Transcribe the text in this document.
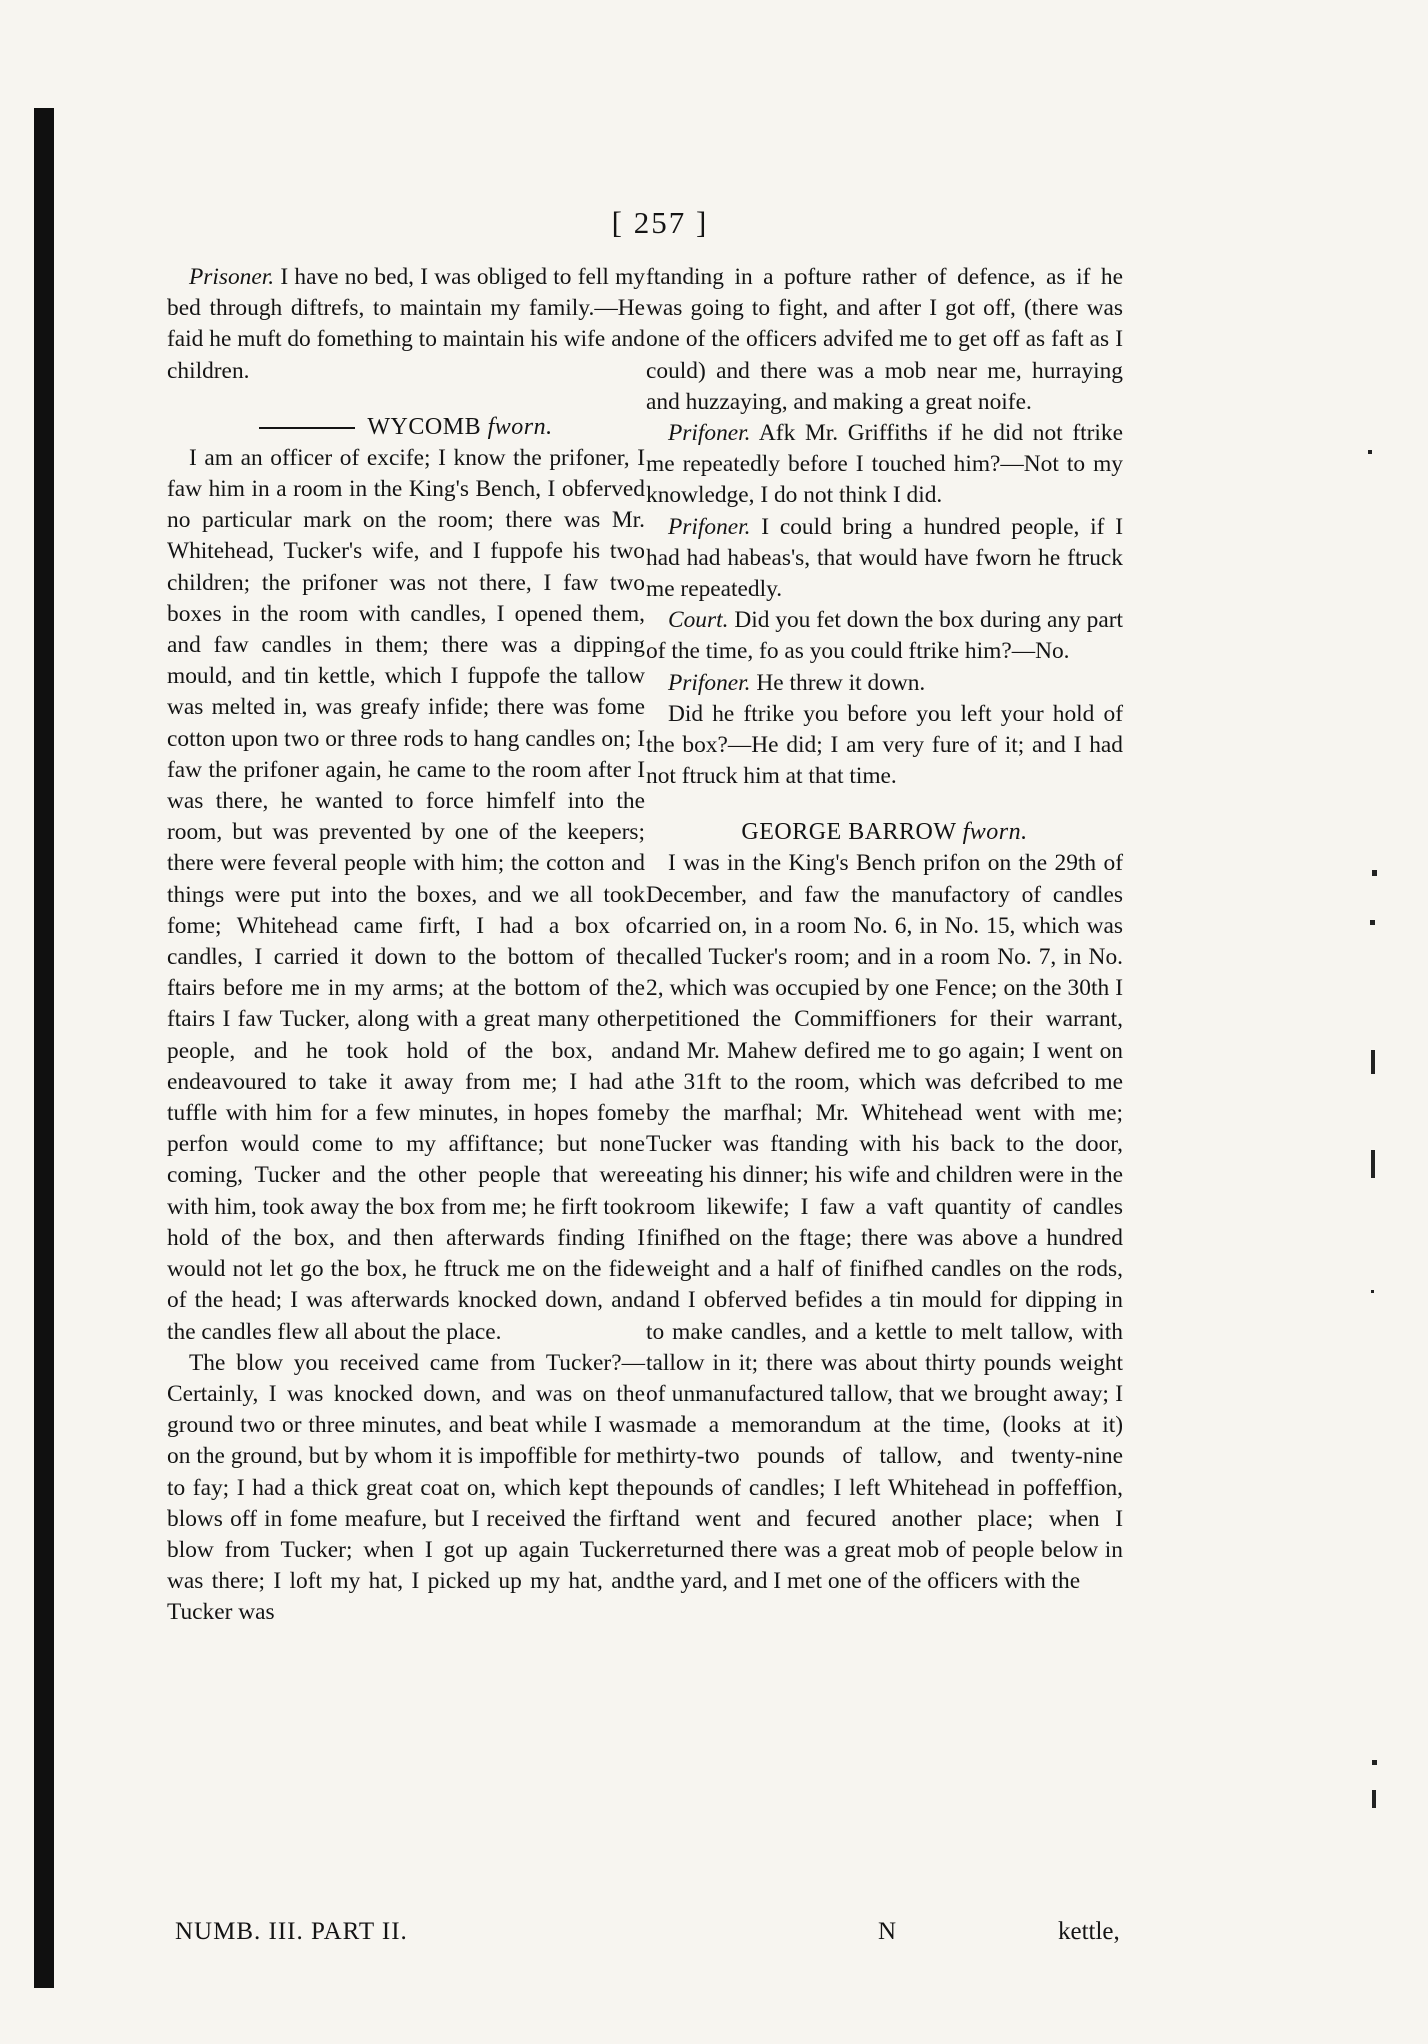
[ 257 ]

Prisoner. I have no bed, I was obliged to fell my bed through diftrefs, to maintain my family.—He faid he muft do fomething to maintain his wife and children.

WYCOMB fworn.

I am an officer of excife; I know the prifoner, I faw him in a room in the King's Bench, I obferved no particular mark on the room; there was Mr. Whitehead, Tucker's wife, and I fuppofe his two children; the prifoner was not there, I faw two boxes in the room with candles, I opened them, and faw candles in them; there was a dipping mould, and tin kettle, which I fuppofe the tallow was melted in, was greafy infide; there was fome cotton upon two or three rods to hang candles on; I faw the prifoner again, he came to the room after I was there, he wanted to force himfelf into the room, but was prevented by one of the keepers; there were feveral people with him; the cotton and things were put into the boxes, and we all took fome; Whitehead came firft, I had a box of candles, I carried it down to the bottom of the ftairs before me in my arms; at the bottom of the ftairs I faw Tucker, along with a great many other people, and he took hold of the box, and endeavoured to take it away from me; I had a tuffle with him for a few minutes, in hopes fome perfon would come to my affiftance; but none coming, Tucker and the other people that were with him, took away the box from me; he firft took hold of the box, and then afterwards finding I would not let go the box, he ftruck me on the fide of the head; I was afterwards knocked down, and the candles flew all about the place.

The blow you received came from Tucker?—Certainly, I was knocked down, and was on the ground two or three minutes, and beat while I was on the ground, but by whom it is impoffible for me to fay; I had a thick great coat on, which kept the blows off in fome meafure, but I received the firft blow from Tucker; when I got up again Tucker was there; I loft my hat, I picked up my hat, and Tucker was

ftanding in a pofture rather of defence, as if he was going to fight, and after I got off, (there was one of the officers advifed me to get off as faft as I could) and there was a mob near me, hurraying and huzzaying, and making a great noife.

Prifoner. Afk Mr. Griffiths if he did not ftrike me repeatedly before I touched him?—Not to my knowledge, I do not think I did.

Prifoner. I could bring a hundred people, if I had had habeas's, that would have fworn he ftruck me repeatedly.

Court. Did you fet down the box during any part of the time, fo as you could ftrike him?—No.

Prifoner. He threw it down.

Did he ftrike you before you left your hold of the box?—He did; I am very fure of it; and I had not ftruck him at that time.

GEORGE BARROW fworn.

I was in the King's Bench prifon on the 29th of December, and faw the manufactory of candles carried on, in a room No. 6, in No. 15, which was called Tucker's room; and in a room No. 7, in No. 2, which was occupied by one Fence; on the 30th I petitioned the Commiffioners for their warrant, and Mr. Mahew defired me to go again; I went on the 31ft to the room, which was defcribed to me by the marfhal; Mr. Whitehead went with me; Tucker was ftanding with his back to the door, eating his dinner; his wife and children were in the room likewife; I faw a vaft quantity of candles finifhed on the ftage; there was above a hundred weight and a half of finifhed candles on the rods, and I obferved befides a tin mould for dipping in to make candles, and a kettle to melt tallow, with tallow in it; there was about thirty pounds weight of unmanufactured tallow, that we brought away; I made a memorandum at the time, (looks at it) thirty-two pounds of tallow, and twenty-nine pounds of candles; I left Whitehead in poffeffion, and went and fecured another place; when I returned there was a great mob of people below in the yard, and I met one of the officers with the

NUMB. III. PART II.	N	kettle,
